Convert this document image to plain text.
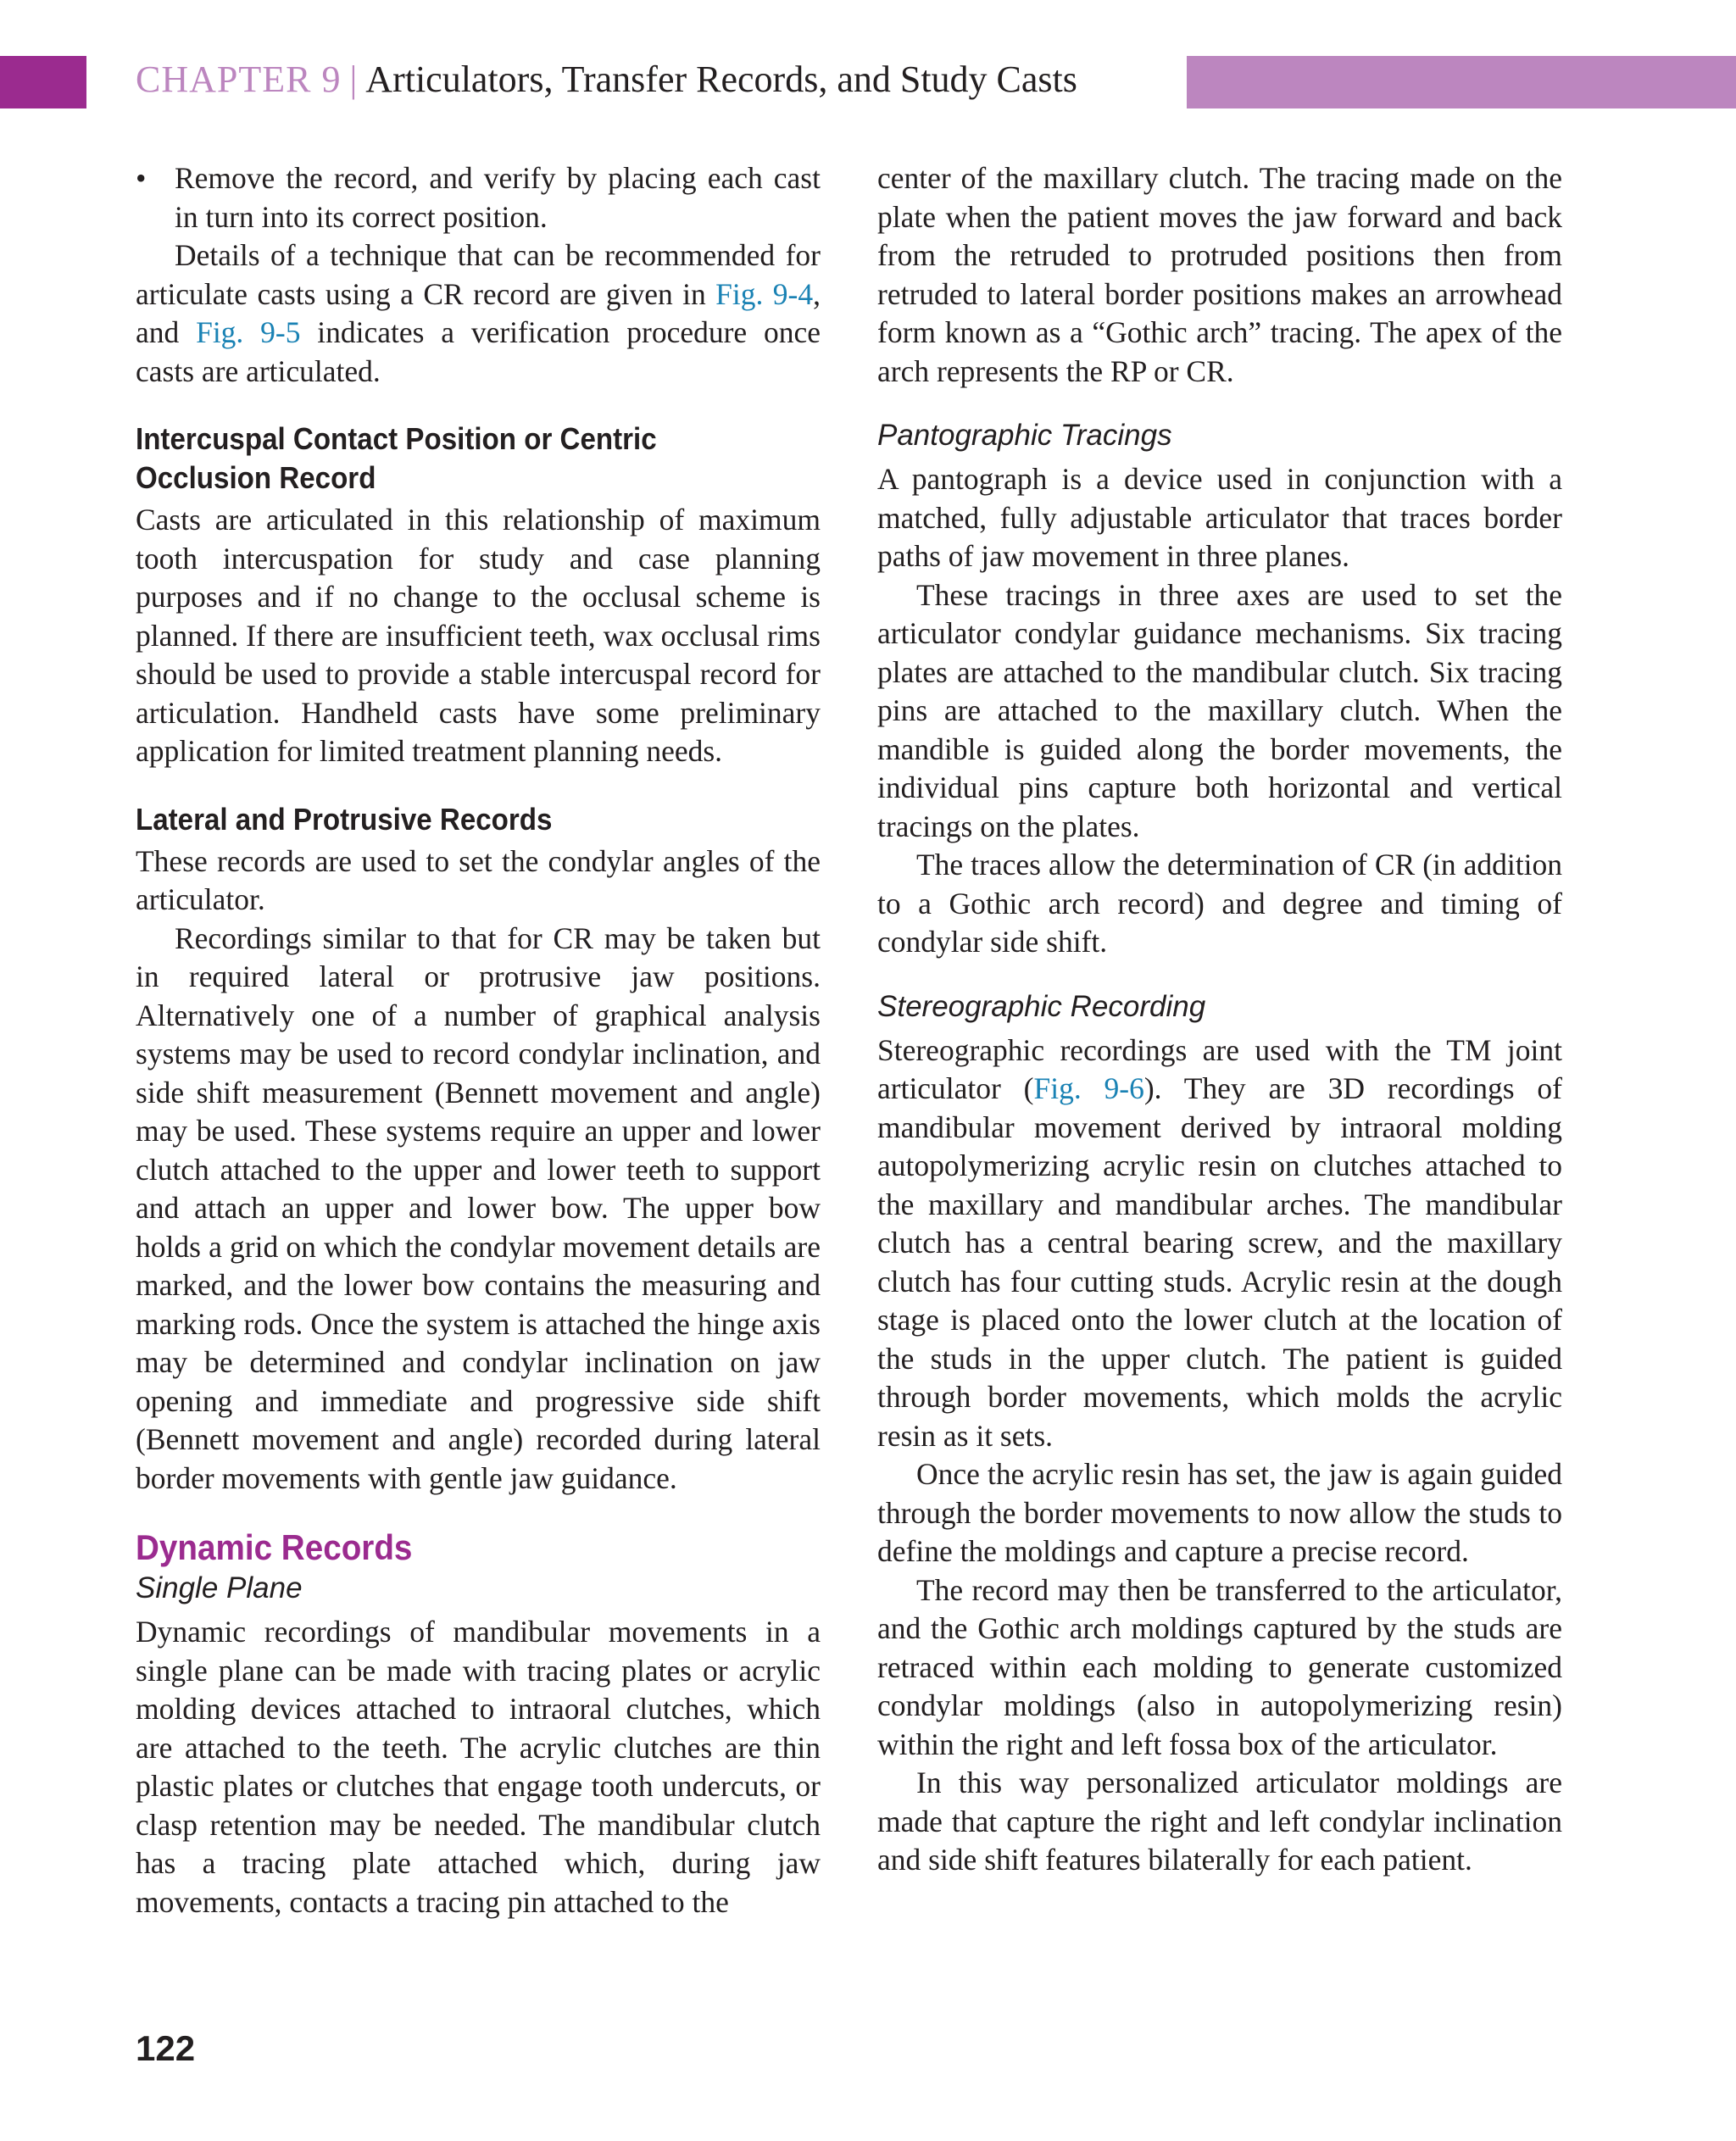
CHAPTER 9 | Articulators, Transfer Records, and Study Casts

• Remove the record, and verify by placing each cast in turn into its correct position.

Details of a technique that can be recommended for articulate casts using a CR record are given in Fig. 9-4, and Fig. 9-5 indicates a verification procedure once casts are articulated.

Intercuspal Contact Position or Centric Occlusion Record

Casts are articulated in this relationship of maximum tooth intercuspation for study and case planning purposes and if no change to the occlusal scheme is planned. If there are insufficient teeth, wax occlusal rims should be used to provide a stable intercuspal record for articulation. Handheld casts have some preliminary application for limited treatment planning needs.

Lateral and Protrusive Records

These records are used to set the condylar angles of the articulator.

Recordings similar to that for CR may be taken but in required lateral or protrusive jaw positions. Alternatively one of a number of graphical analysis systems may be used to record condylar inclination, and side shift measurement (Bennett movement and angle) may be used. These systems require an upper and lower clutch attached to the upper and lower teeth to support and attach an upper and lower bow. The upper bow holds a grid on which the condylar movement details are marked, and the lower bow contains the measuring and marking rods. Once the system is attached the hinge axis may be determined and condylar inclination on jaw opening and immediate and progressive side shift (Bennett movement and angle) recorded during lateral border movements with gentle jaw guidance.

Dynamic Records
Single Plane

Dynamic recordings of mandibular movements in a single plane can be made with tracing plates or acrylic molding devices attached to intraoral clutches, which are attached to the teeth. The acrylic clutches are thin plastic plates or clutches that engage tooth undercuts, or clasp retention may be needed. The mandibular clutch has a tracing plate attached which, during jaw movements, contacts a tracing pin attached to the

center of the maxillary clutch. The tracing made on the plate when the patient moves the jaw forward and back from the retruded to protruded positions then from retruded to lateral border positions makes an arrowhead form known as a “Gothic arch” tracing. The apex of the arch represents the RP or CR.

Pantographic Tracings

A pantograph is a device used in conjunction with a matched, fully adjustable articulator that traces border paths of jaw movement in three planes.

These tracings in three axes are used to set the articulator condylar guidance mechanisms. Six tracing plates are attached to the mandibular clutch. Six tracing pins are attached to the maxillary clutch. When the mandible is guided along the border movements, the individual pins capture both horizontal and vertical tracings on the plates.

The traces allow the determination of CR (in addition to a Gothic arch record) and degree and timing of condylar side shift.

Stereographic Recording

Stereographic recordings are used with the TM joint articulator (Fig. 9-6). They are 3D recordings of mandibular movement derived by intraoral molding autopolymerizing acrylic resin on clutches attached to the maxillary and mandibular arches. The mandibular clutch has a central bearing screw, and the maxillary clutch has four cutting studs. Acrylic resin at the dough stage is placed onto the lower clutch at the location of the studs in the upper clutch. The patient is guided through border movements, which molds the acrylic resin as it sets.

Once the acrylic resin has set, the jaw is again guided through the border movements to now allow the studs to define the moldings and capture a precise record.

The record may then be transferred to the articulator, and the Gothic arch moldings captured by the studs are retraced within each molding to generate customized condylar moldings (also in autopolymerizing resin) within the right and left fossa box of the articulator.

In this way personalized articulator moldings are made that capture the right and left condylar inclination and side shift features bilaterally for each patient.

122
